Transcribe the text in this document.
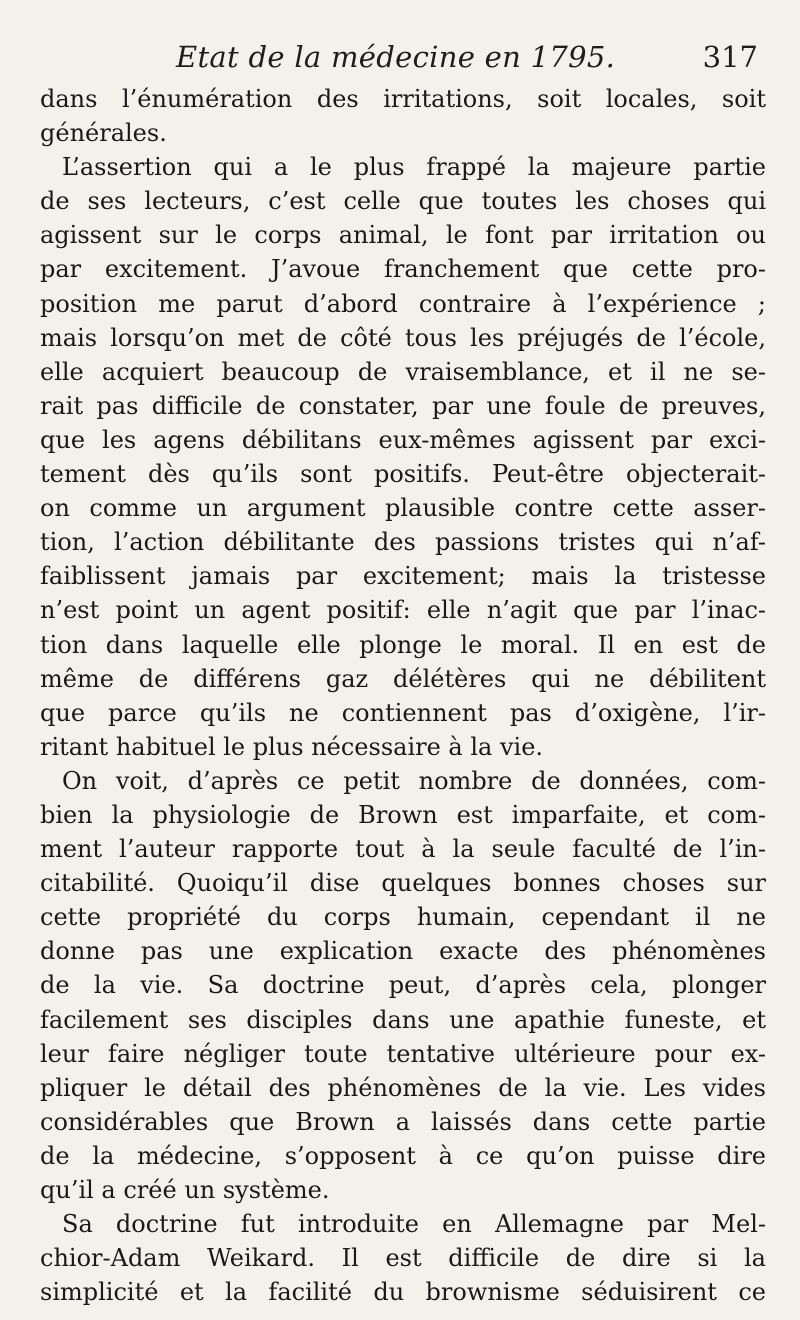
Etat de la médecine en 1795.	317
dans l’énumération des irritations, soit locales, soit
générales.
L’assertion qui a le plus frappé la majeure partie
de ses lecteurs, c’est celle que toutes les choses qui
agissent sur le corps animal, le font par irritation ou
par excitement. J’avoue franchement que cette pro-
position me parut d’abord contraire à l’expérience ;
mais lorsqu’on met de côté tous les préjugés de l’école,
elle acquiert beaucoup de vraisemblance, et il ne se-
rait pas difficile de constater, par une foule de preuves,
que les agens débilitans eux-mêmes agissent par exci-
tement dès qu’ils sont positifs. Peut-être objecterait-
on comme un argument plausible contre cette asser-
tion, l’action débilitante des passions tristes qui n’af-
faiblissent jamais par excitement; mais la tristesse
n’est point un agent positif: elle n’agit que par l’inac-
tion dans laquelle elle plonge le moral. Il en est de
même de différens gaz délétères qui ne débilitent
que parce qu’ils ne contiennent pas d’oxigène, l’ir-
ritant habituel le plus nécessaire à la vie.
On voit, d’après ce petit nombre de données, com-
bien la physiologie de Brown est imparfaite, et com-
ment l’auteur rapporte tout à la seule faculté de l’in-
citabilité. Quoiqu’il dise quelques bonnes choses sur
cette propriété du corps humain, cependant il ne
donne pas une explication exacte des phénomènes
de la vie. Sa doctrine peut, d’après cela, plonger
facilement ses disciples dans une apathie funeste, et
leur faire négliger toute tentative ultérieure pour ex-
pliquer le détail des phénomènes de la vie. Les vides
considérables que Brown a laissés dans cette partie
de la médecine, s’opposent à ce qu’on puisse dire
qu’il a créé un système.
Sa doctrine fut introduite en Allemagne par Mel-
chior-Adam Weikard. Il est difficile de dire si la
simplicité et la facilité du brownisme séduisirent ce
